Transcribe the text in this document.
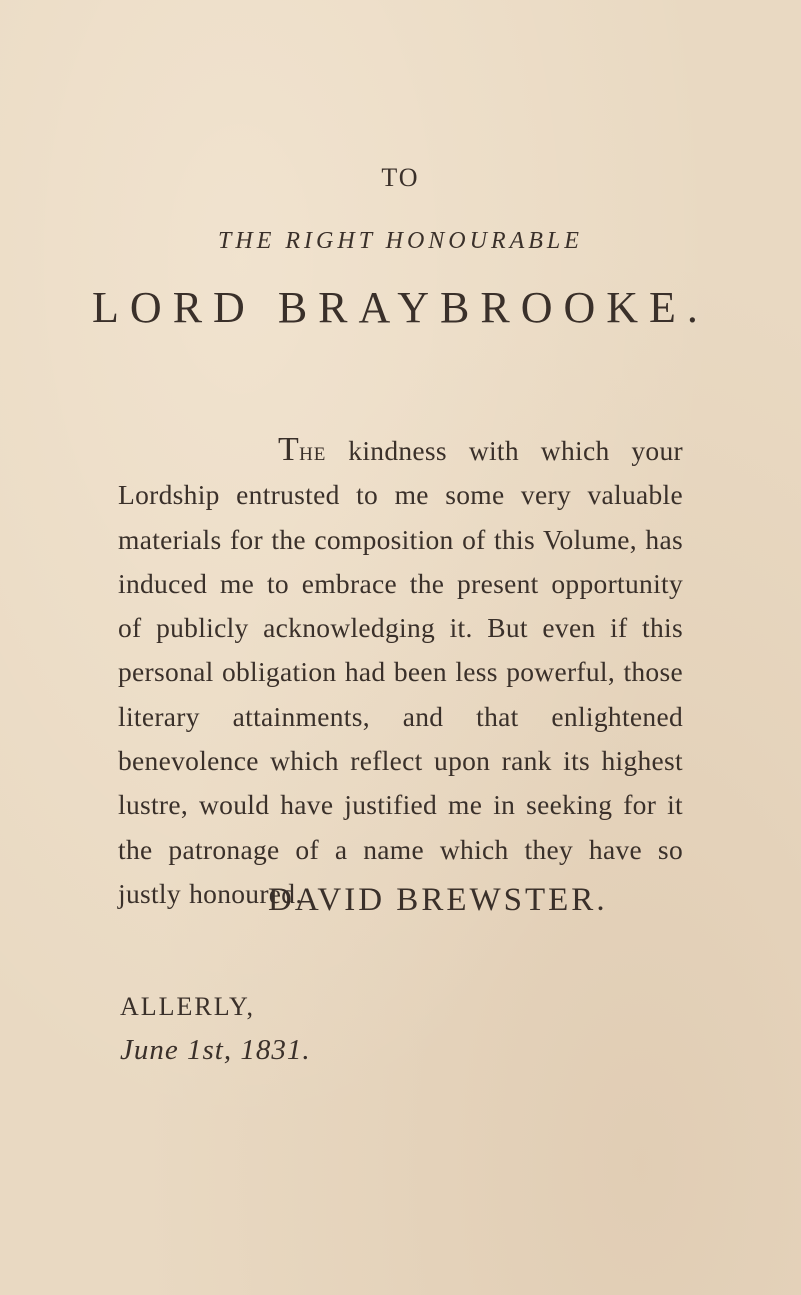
TO
THE RIGHT HONOURABLE
LORD BRAYBROOKE.

The kindness with which your Lordship entrusted to me some very valuable materials for the composition of this Volume, has induced me to embrace the present opportunity of publicly acknowledging it. But even if this personal obligation had been less powerful, those literary attainments, and that enlightened benevolence which reflect upon rank its highest lustre, would have justified me in seeking for it the patronage of a name which they have so justly honoured.

DAVID BREWSTER.
ALLERLY,
June 1st, 1831.
